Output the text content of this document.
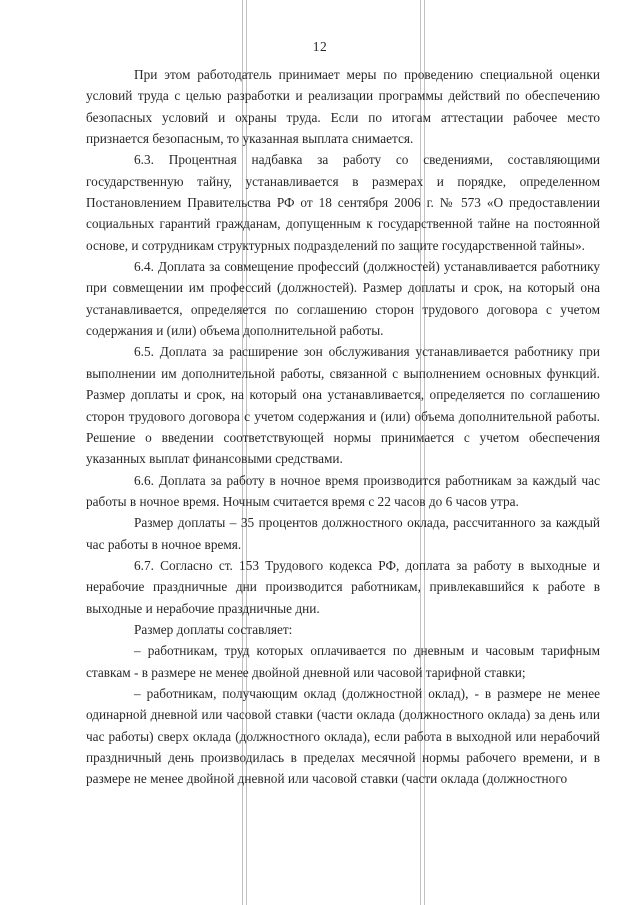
12

При этом работодатель принимает меры по проведению специальной оценки условий труда с целью разработки и реализации программы действий по обеспечению безопасных условий и охраны труда. Если по итогам аттестации рабочее место признается безопасным, то указанная выплата снимается.

6.3. Процентная надбавка за работу со сведениями, составляющими государственную тайну, устанавливается в размерах и порядке, определенном Постановлением Правительства РФ от 18 сентября 2006 г. № 573 «О предоставлении социальных гарантий гражданам, допущенным к государственной тайне на постоянной основе, и сотрудникам структурных подразделений по защите государственной тайны».

6.4. Доплата за совмещение профессий (должностей) устанавливается работнику при совмещении им профессий (должностей). Размер доплаты и срок, на который она устанавливается, определяется по соглашению сторон трудового договора с учетом содержания и (или) объема дополнительной работы.

6.5. Доплата за расширение зон обслуживания устанавливается работнику при выполнении им дополнительной работы, связанной с выполнением основных функций. Размер доплаты и срок, на который она устанавливается, определяется по соглашению сторон трудового договора с учетом содержания и (или) объема дополнительной работы. Решение о введении соответствующей нормы принимается с учетом обеспечения указанных выплат финансовыми средствами.

6.6. Доплата за работу в ночное время производится работникам за каждый час работы в ночное время. Ночным считается время с 22 часов до 6 часов утра.

Размер доплаты – 35 процентов должностного оклада, рассчитанного за каждый час работы в ночное время.

6.7. Согласно ст. 153 Трудового кодекса РФ, доплата за работу в выходные и нерабочие праздничные дни производится работникам, привлекавшийся к работе в выходные и нерабочие праздничные дни.

Размер доплаты составляет:

– работникам, труд которых оплачивается по дневным и часовым тарифным ставкам - в размере не менее двойной дневной или часовой тарифной ставки;

– работникам, получающим оклад (должностной оклад), - в размере не менее одинарной дневной или часовой ставки (части оклада (должностного оклада) за день или час работы) сверх оклада (должностного оклада), если работа в выходной или нерабочий праздничный день производилась в пределах месячной нормы рабочего времени, и в размере не менее двойной дневной или часовой ставки (части оклада (должностного
